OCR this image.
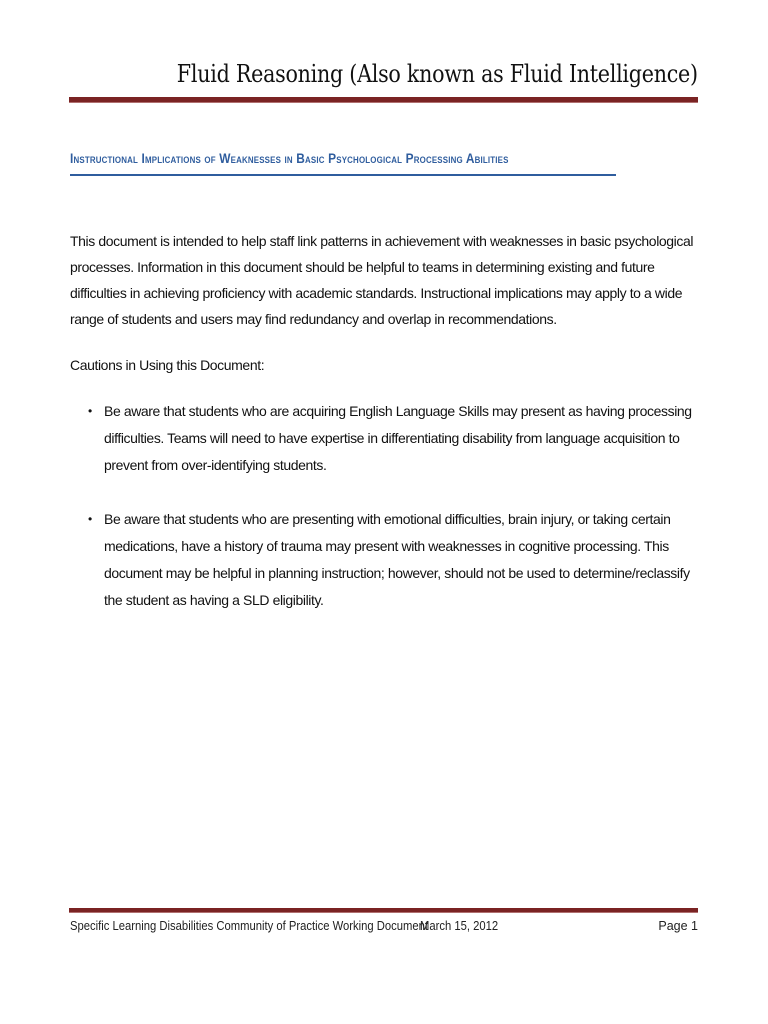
Fluid Reasoning (Also known as Fluid Intelligence)
Instructional Implications of Weaknesses in Basic Psychological Processing Abilities
This document is intended to help staff link patterns in achievement with weaknesses in basic psychological processes. Information in this document should be helpful to teams in determining existing and future difficulties in achieving proficiency with academic standards. Instructional implications may apply to a wide range of students and users may find redundancy and overlap in recommendations.
Cautions in Using this Document:
• Be aware that students who are acquiring English Language Skills may present as having processing difficulties. Teams will need to have expertise in differentiating disability from language acquisition to prevent from over-identifying students.
• Be aware that students who are presenting with emotional difficulties, brain injury, or taking certain medications, have a history of trauma may present with weaknesses in cognitive processing. This document may be helpful in planning instruction; however, should not be used to determine/reclassify the student as having a SLD eligibility.
Specific Learning Disabilities Community of Practice Working Document
March 15, 2012	Page 1
